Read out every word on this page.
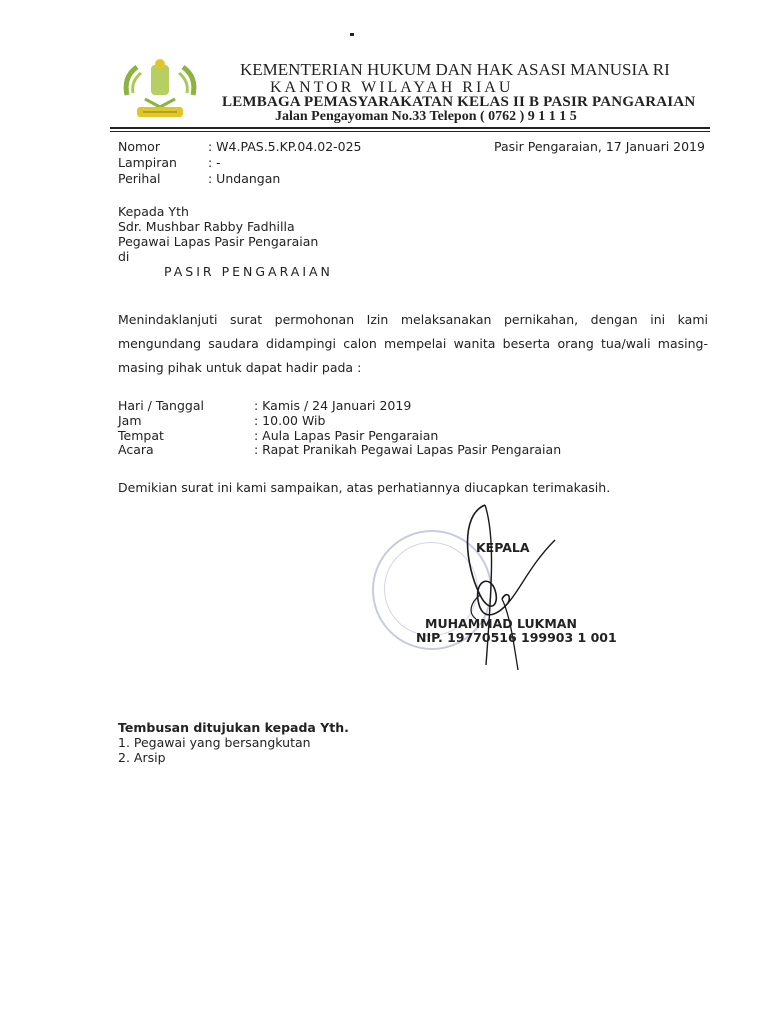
KEMENTERIAN HUKUM DAN HAK ASASI MANUSIA RI
KANTOR WILAYAH RIAU
LEMBAGA PEMASYARAKATAN KELAS II B PASIR PANGARAIAN
Jalan Pengayoman No.33 Telepon ( 0762 ) 9 1 1 1 5
Nomor	: W4.PAS.5.KP.04.02-025	Pasir Pengaraian, 17 Januari 2019
Lampiran : -
Perihal	: Undangan
Kepada Yth
Sdr. Mushbar Rabby Fadhilla
Pegawai Lapas Pasir Pengaraian
di
PASIR PENGARAIAN
Menindaklanjuti surat permohonan Izin melaksanakan pernikahan, dengan ini kami mengundang saudara didampingi calon mempelai wanita beserta orang tua/wali masing-masing pihak untuk dapat hadir pada :
Hari / Tanggal	: Kamis / 24 Januari 2019
Jam	: 10.00 Wib
Tempat	: Aula Lapas Pasir Pengaraian
Acara	: Rapat Pranikah Pegawai Lapas Pasir Pengaraian
Demikian surat ini kami sampaikan, atas perhatiannya diucapkan terimakasih.
KEPALA
MUHAMMAD LUKMAN
NIP. 19770516 199903 1 001
Tembusan ditujukan kepada Yth.
1. Pegawai yang bersangkutan
2. Arsip
